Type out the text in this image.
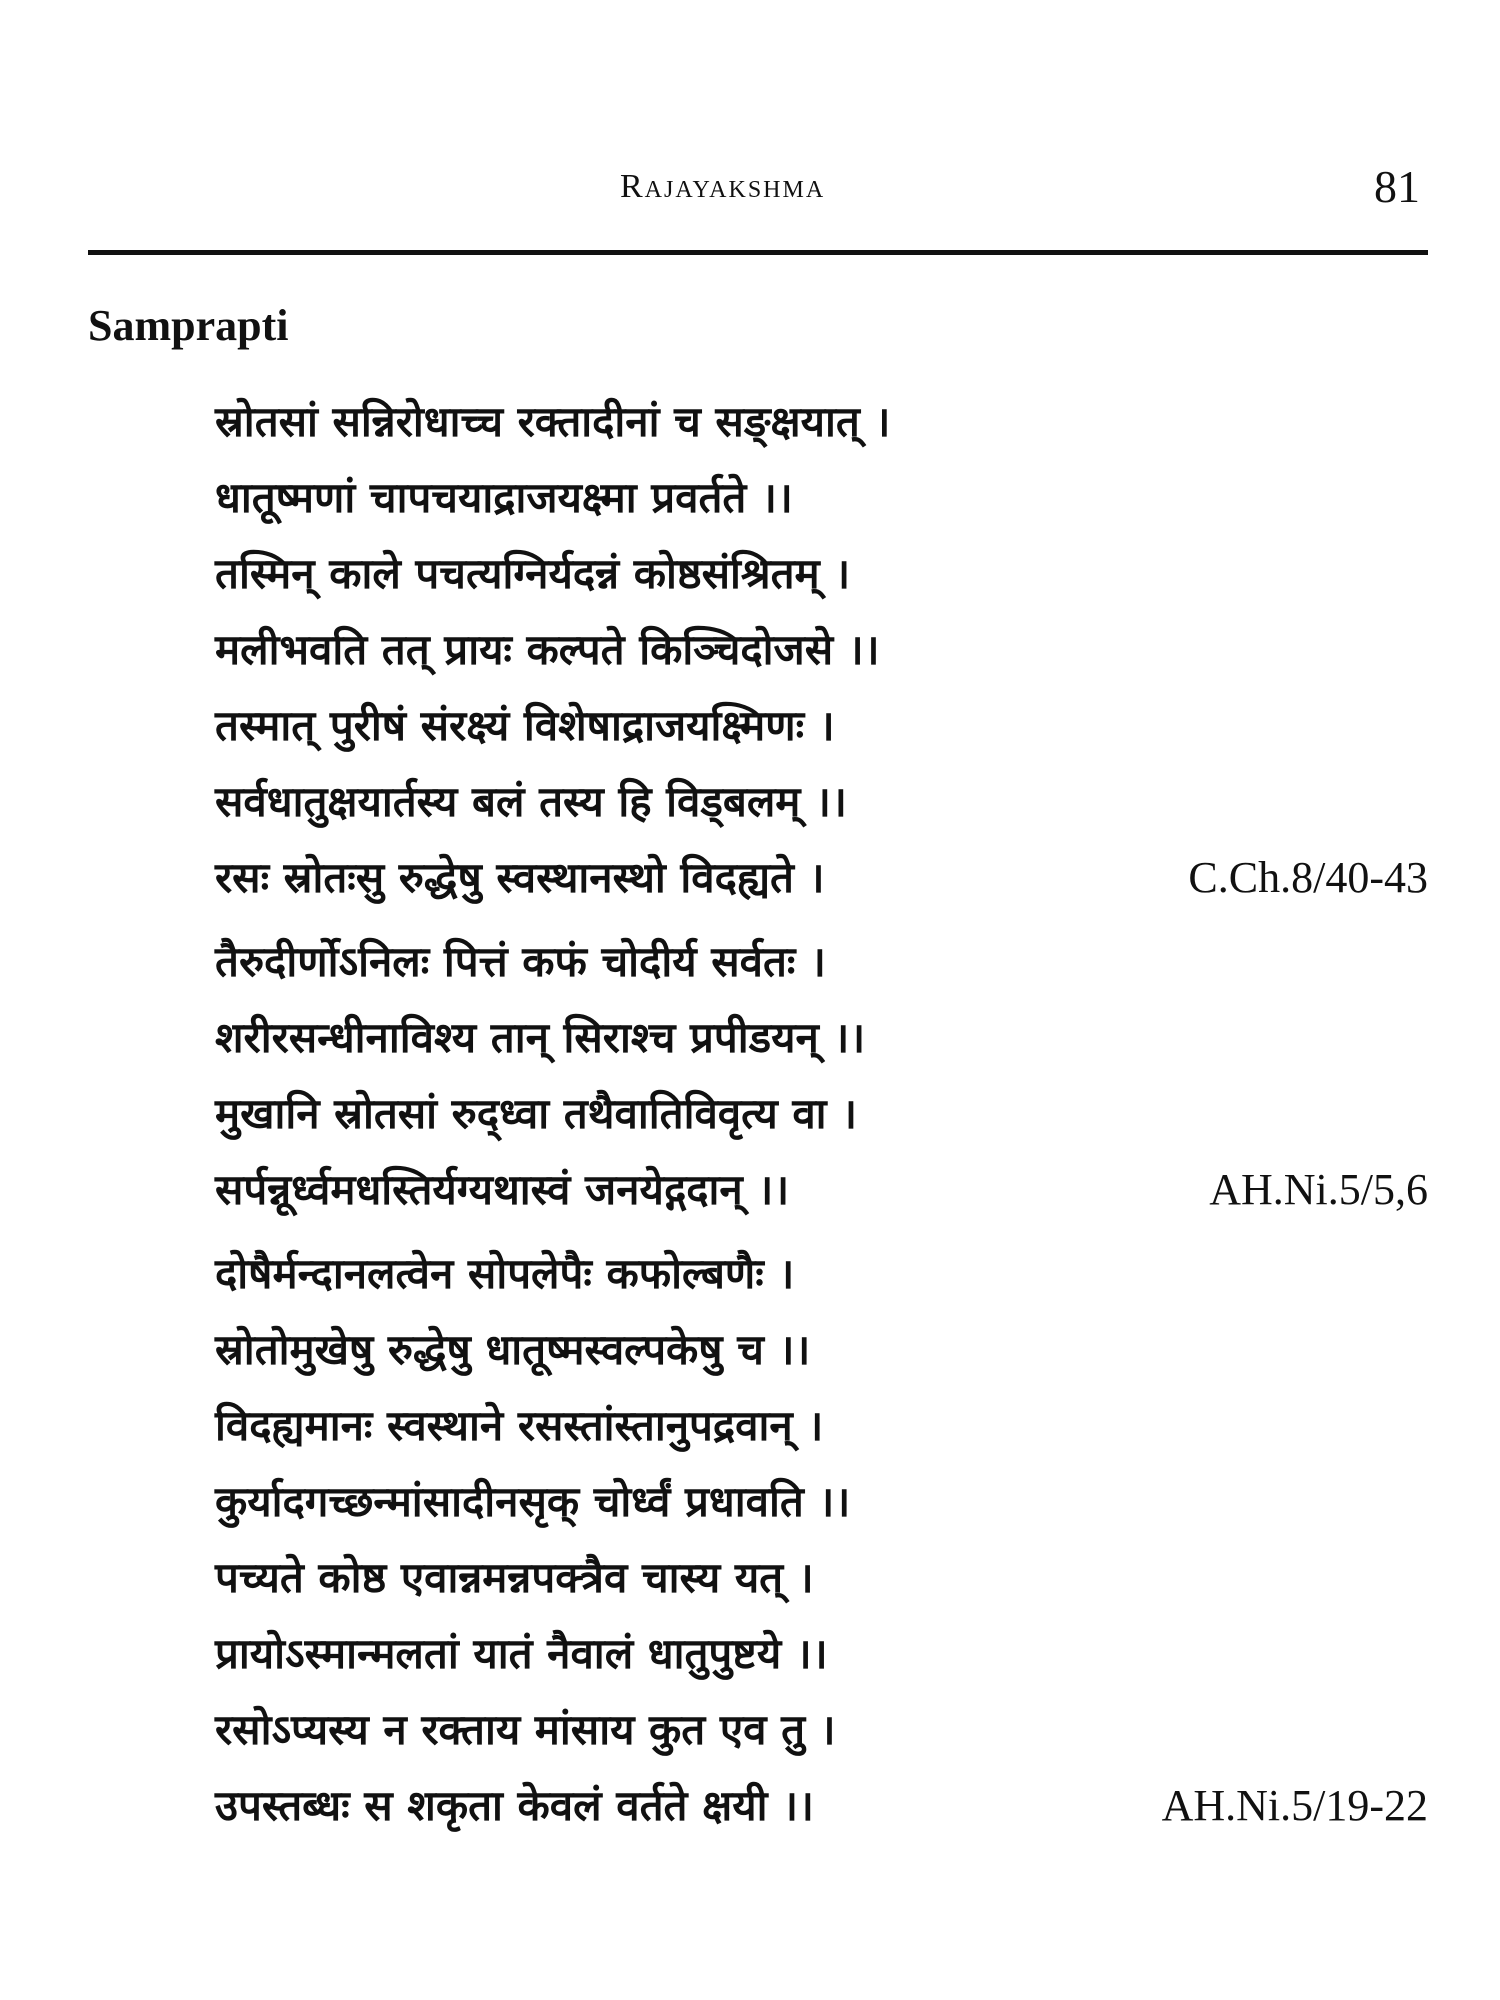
Rajayakshma	81
Samprapti
स्रोतसां सन्निरोधाच्च रक्तादीनां च सङ्क्षयात् ।
धातूष्मणां चापचयाद्राजयक्ष्मा प्रवर्तते ।।
तस्मिन् काले पचत्यग्निर्यदन्नं कोष्ठसंश्रितम् ।
मलीभवति तत् प्रायः कल्पते किञ्चिदोजसे ।।
तस्मात् पुरीषं संरक्ष्यं विशेषाद्राजयक्ष्मिणः ।
सर्वधातुक्षयार्तस्य बलं तस्य हि विड्बलम् ।।
रसः स्रोतःसु रुद्धेषु स्वस्थानस्थो विदह्यते ।	C.Ch.8/40-43
तैरुदीर्णोऽनिलः पित्तं कफं चोदीर्य सर्वतः ।
शरीरसन्धीनाविश्य तान् सिराश्च प्रपीडयन् ।।
मुखानि स्रोतसां रुद्ध्वा तथैवातिविवृत्य वा ।
सर्पन्नूर्ध्वमधस्तिर्यग्यथास्वं जनयेद्गदान् ।।	AH.Ni.5/5,6
दोषैर्मन्दानलत्वेन सोपलेपैः कफोल्बणैः ।
स्रोतोमुखेषु रुद्धेषु धातूष्मस्वल्पकेषु च ।।
विदह्यमानः स्वस्थाने रसस्तांस्तानुपद्रवान् ।
कुर्यादगच्छन्मांसादीनसृक् चोर्ध्वं प्रधावति ।।
पच्यते कोष्ठ एवान्नमन्नपक्त्रैव चास्य यत् ।
प्रायोऽस्मान्मलतां यातं नैवालं धातुपुष्टये ।।
रसोऽप्यस्य न रक्ताय मांसाय कुत एव तु ।
उपस्तब्धः स शकृता केवलं वर्तते क्षयी ।।	AH.Ni.5/19-22
